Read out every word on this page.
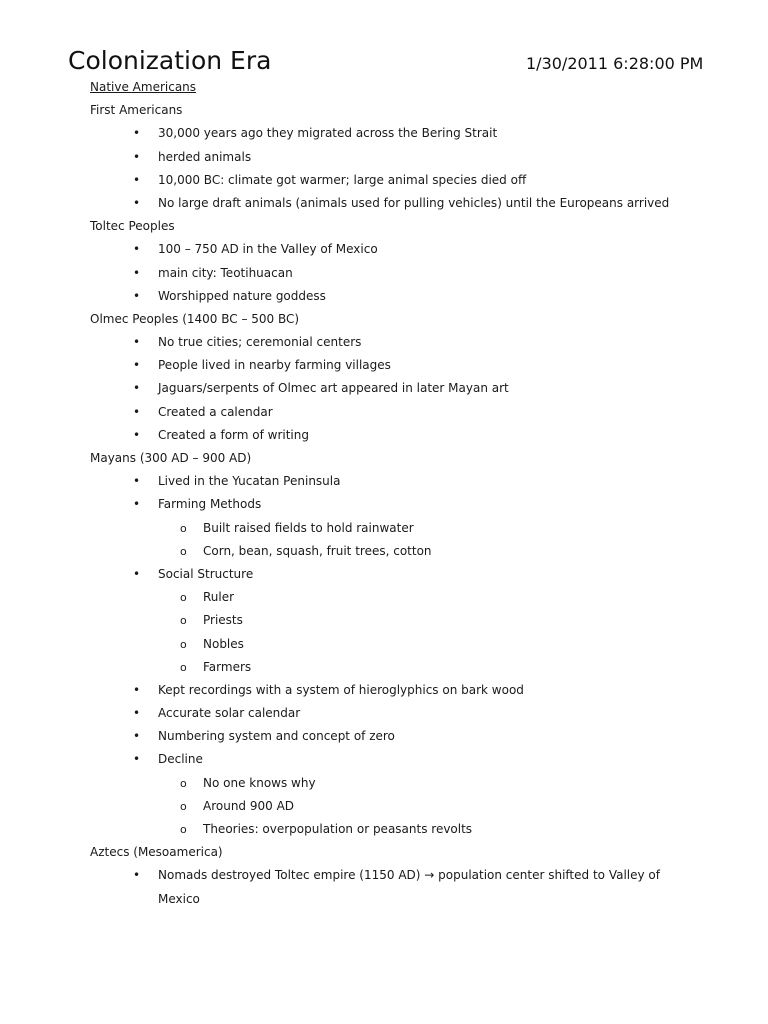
Colonization Era	1/30/2011 6:28:00 PM
Native Americans
First Americans
• 30,000 years ago they migrated across the Bering Strait
• herded animals
• 10,000 BC: climate got warmer; large animal species died off
• No large draft animals (animals used for pulling vehicles) until the Europeans arrived
Toltec Peoples
• 100 – 750 AD in the Valley of Mexico
• main city: Teotihuacan
• Worshipped nature goddess
Olmec Peoples (1400 BC – 500 BC)
• No true cities; ceremonial centers
• People lived in nearby farming villages
• Jaguars/serpents of Olmec art appeared in later Mayan art
• Created a calendar
• Created a form of writing
Mayans (300 AD – 900 AD)
• Lived in the Yucatan Peninsula
• Farming Methods
o Built raised fields to hold rainwater
o Corn, bean, squash, fruit trees, cotton
• Social Structure
o Ruler
o Priests
o Nobles
o Farmers
• Kept recordings with a system of hieroglyphics on bark wood
• Accurate solar calendar
• Numbering system and concept of zero
• Decline
o No one knows why
o Around 900 AD
o Theories: overpopulation or peasants revolts
Aztecs (Mesoamerica)
• Nomads destroyed Toltec empire (1150 AD) → population center shifted to Valley of
Mexico
